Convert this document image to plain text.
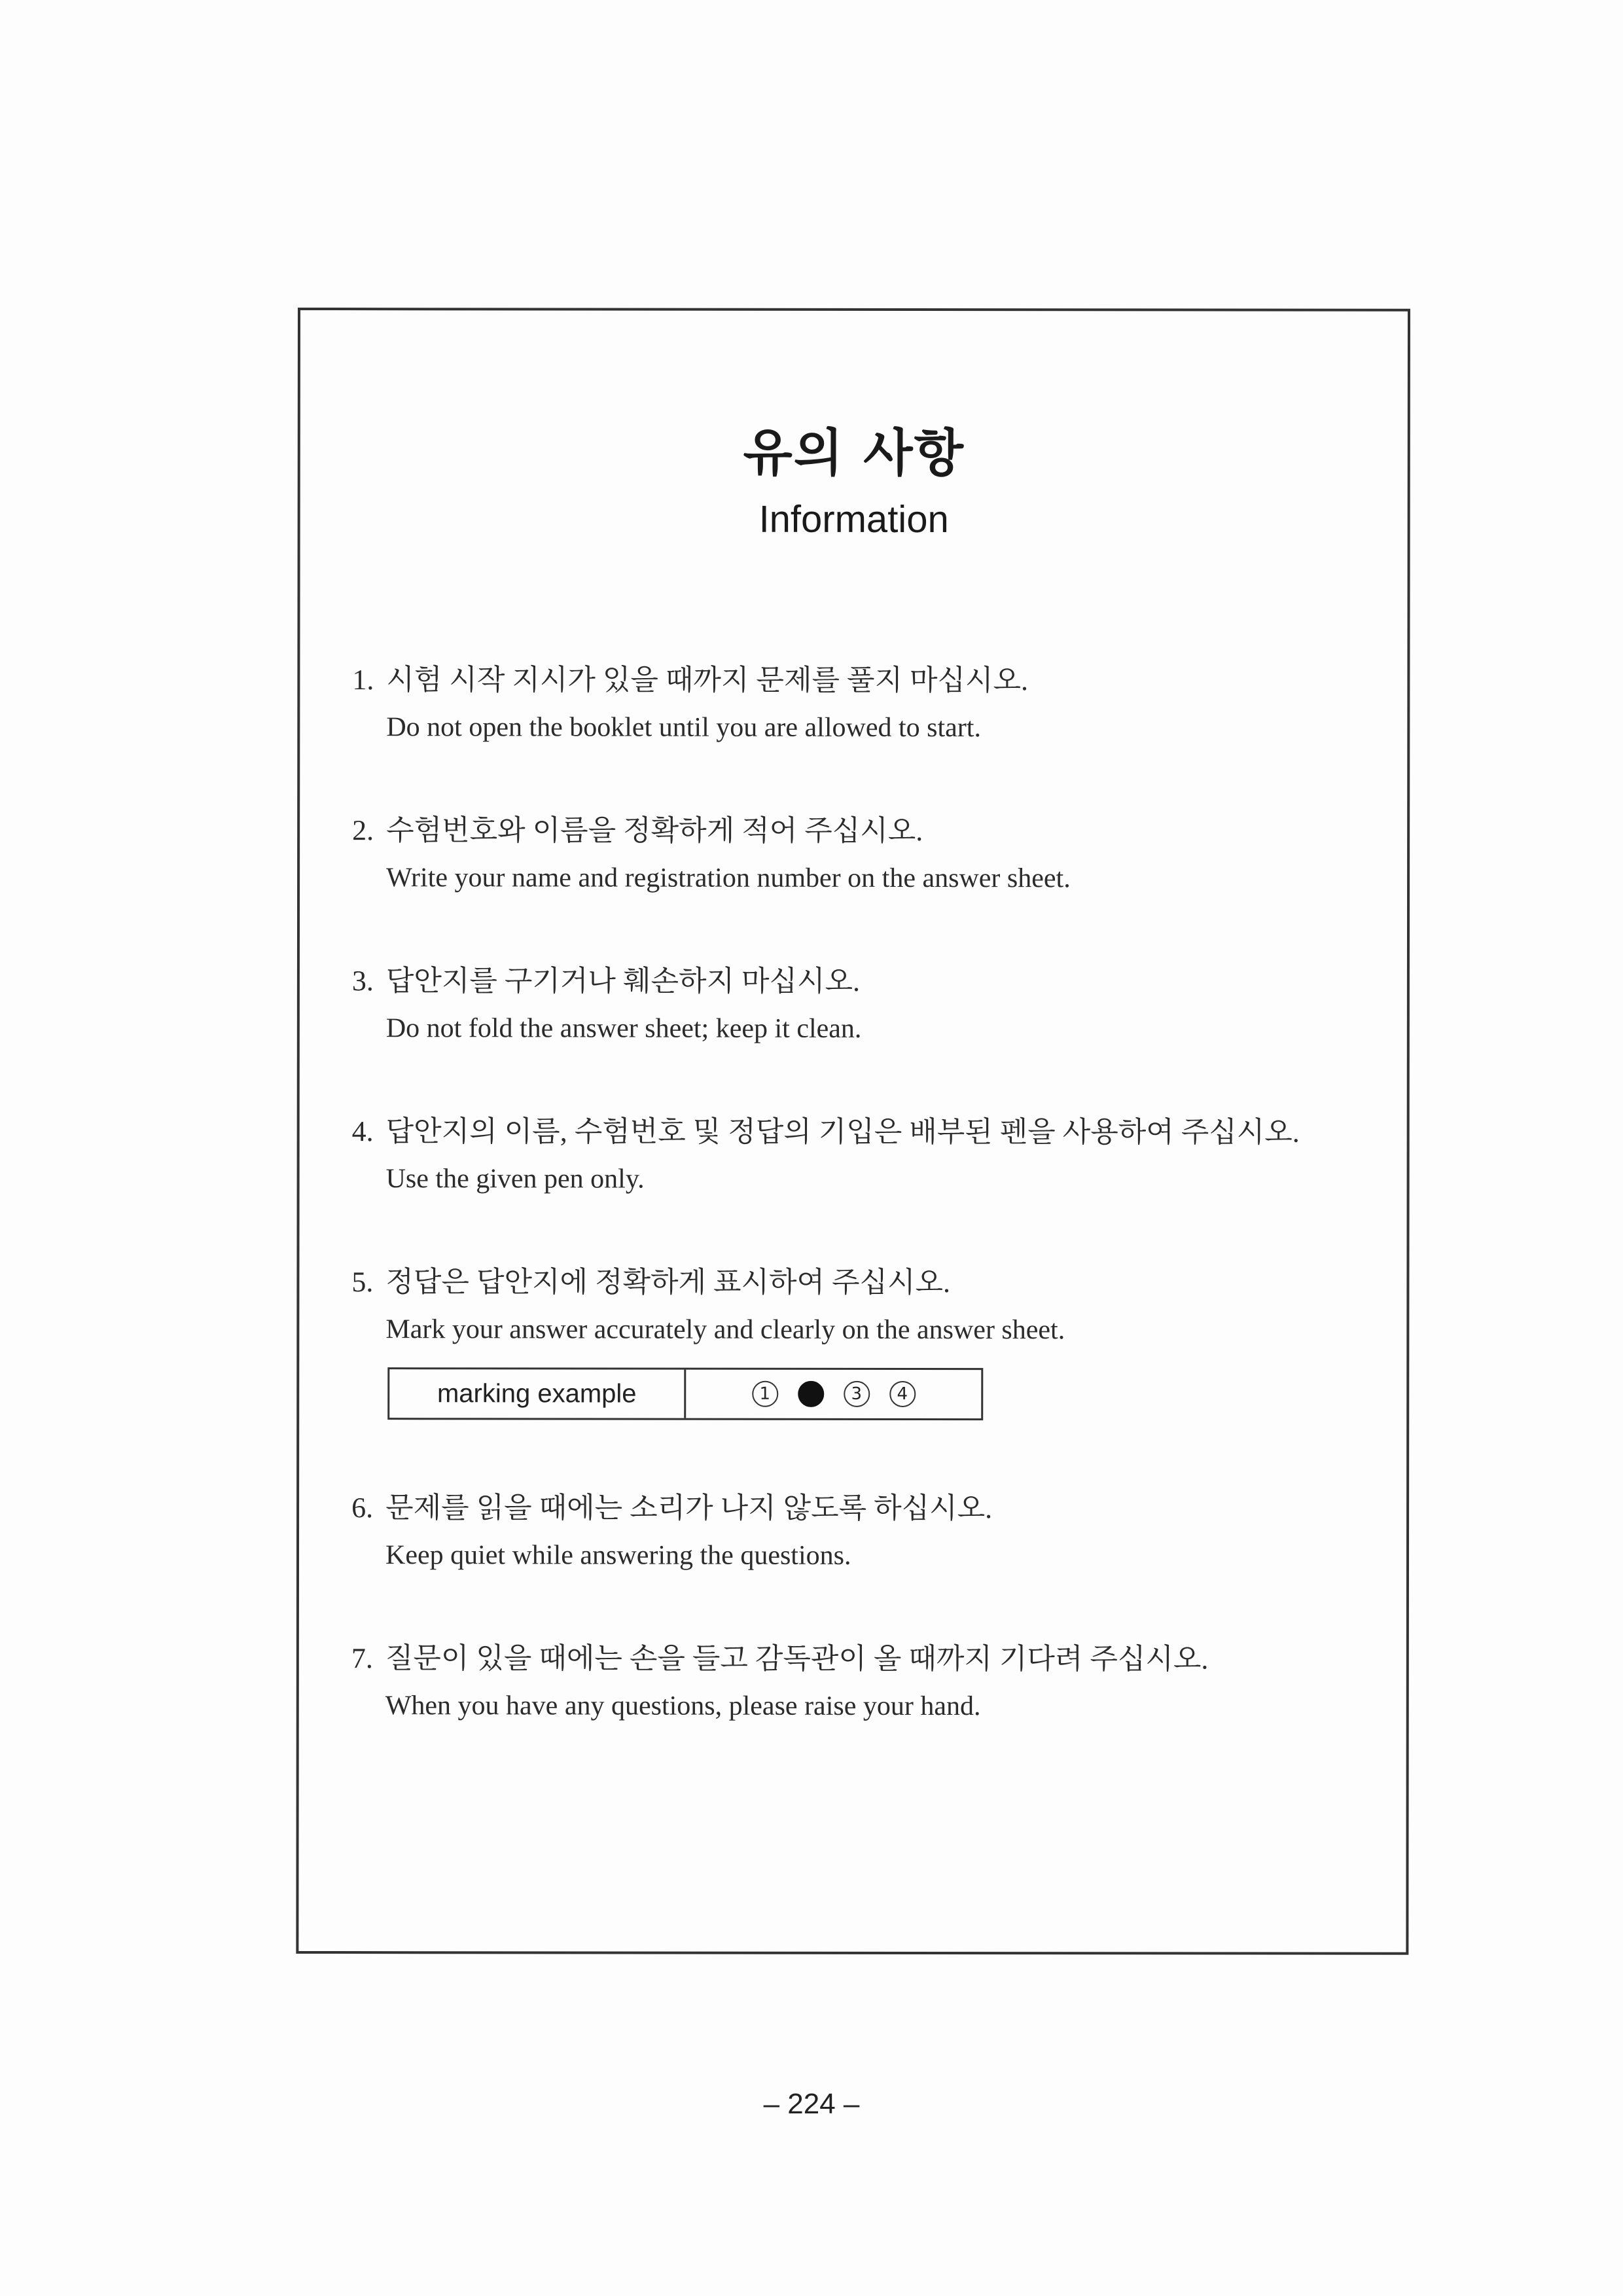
유의 사항
Information
1. 시험 시작 지시가 있을 때까지 문제를 풀지 마십시오.
Do not open the booklet until you are allowed to start.
2. 수험번호와 이름을 정확하게 적어 주십시오.
Write your name and registration number on the answer sheet.
3. 답안지를 구기거나 훼손하지 마십시오.
Do not fold the answer sheet; keep it clean.
4. 답안지의 이름, 수험번호 및 정답의 기입은 배부된 펜을 사용하여 주십시오.
Use the given pen only.
5. 정답은 답안지에 정확하게 표시하여 주십시오.
Mark your answer accurately and clearly on the answer sheet.
marking example	1	3	4
6. 문제를 읽을 때에는 소리가 나지 않도록 하십시오.
Keep quiet while answering the questions.
7. 질문이 있을 때에는 손을 들고 감독관이 올 때까지 기다려 주십시오.
When you have any questions, please raise your hand.
– 224 –
